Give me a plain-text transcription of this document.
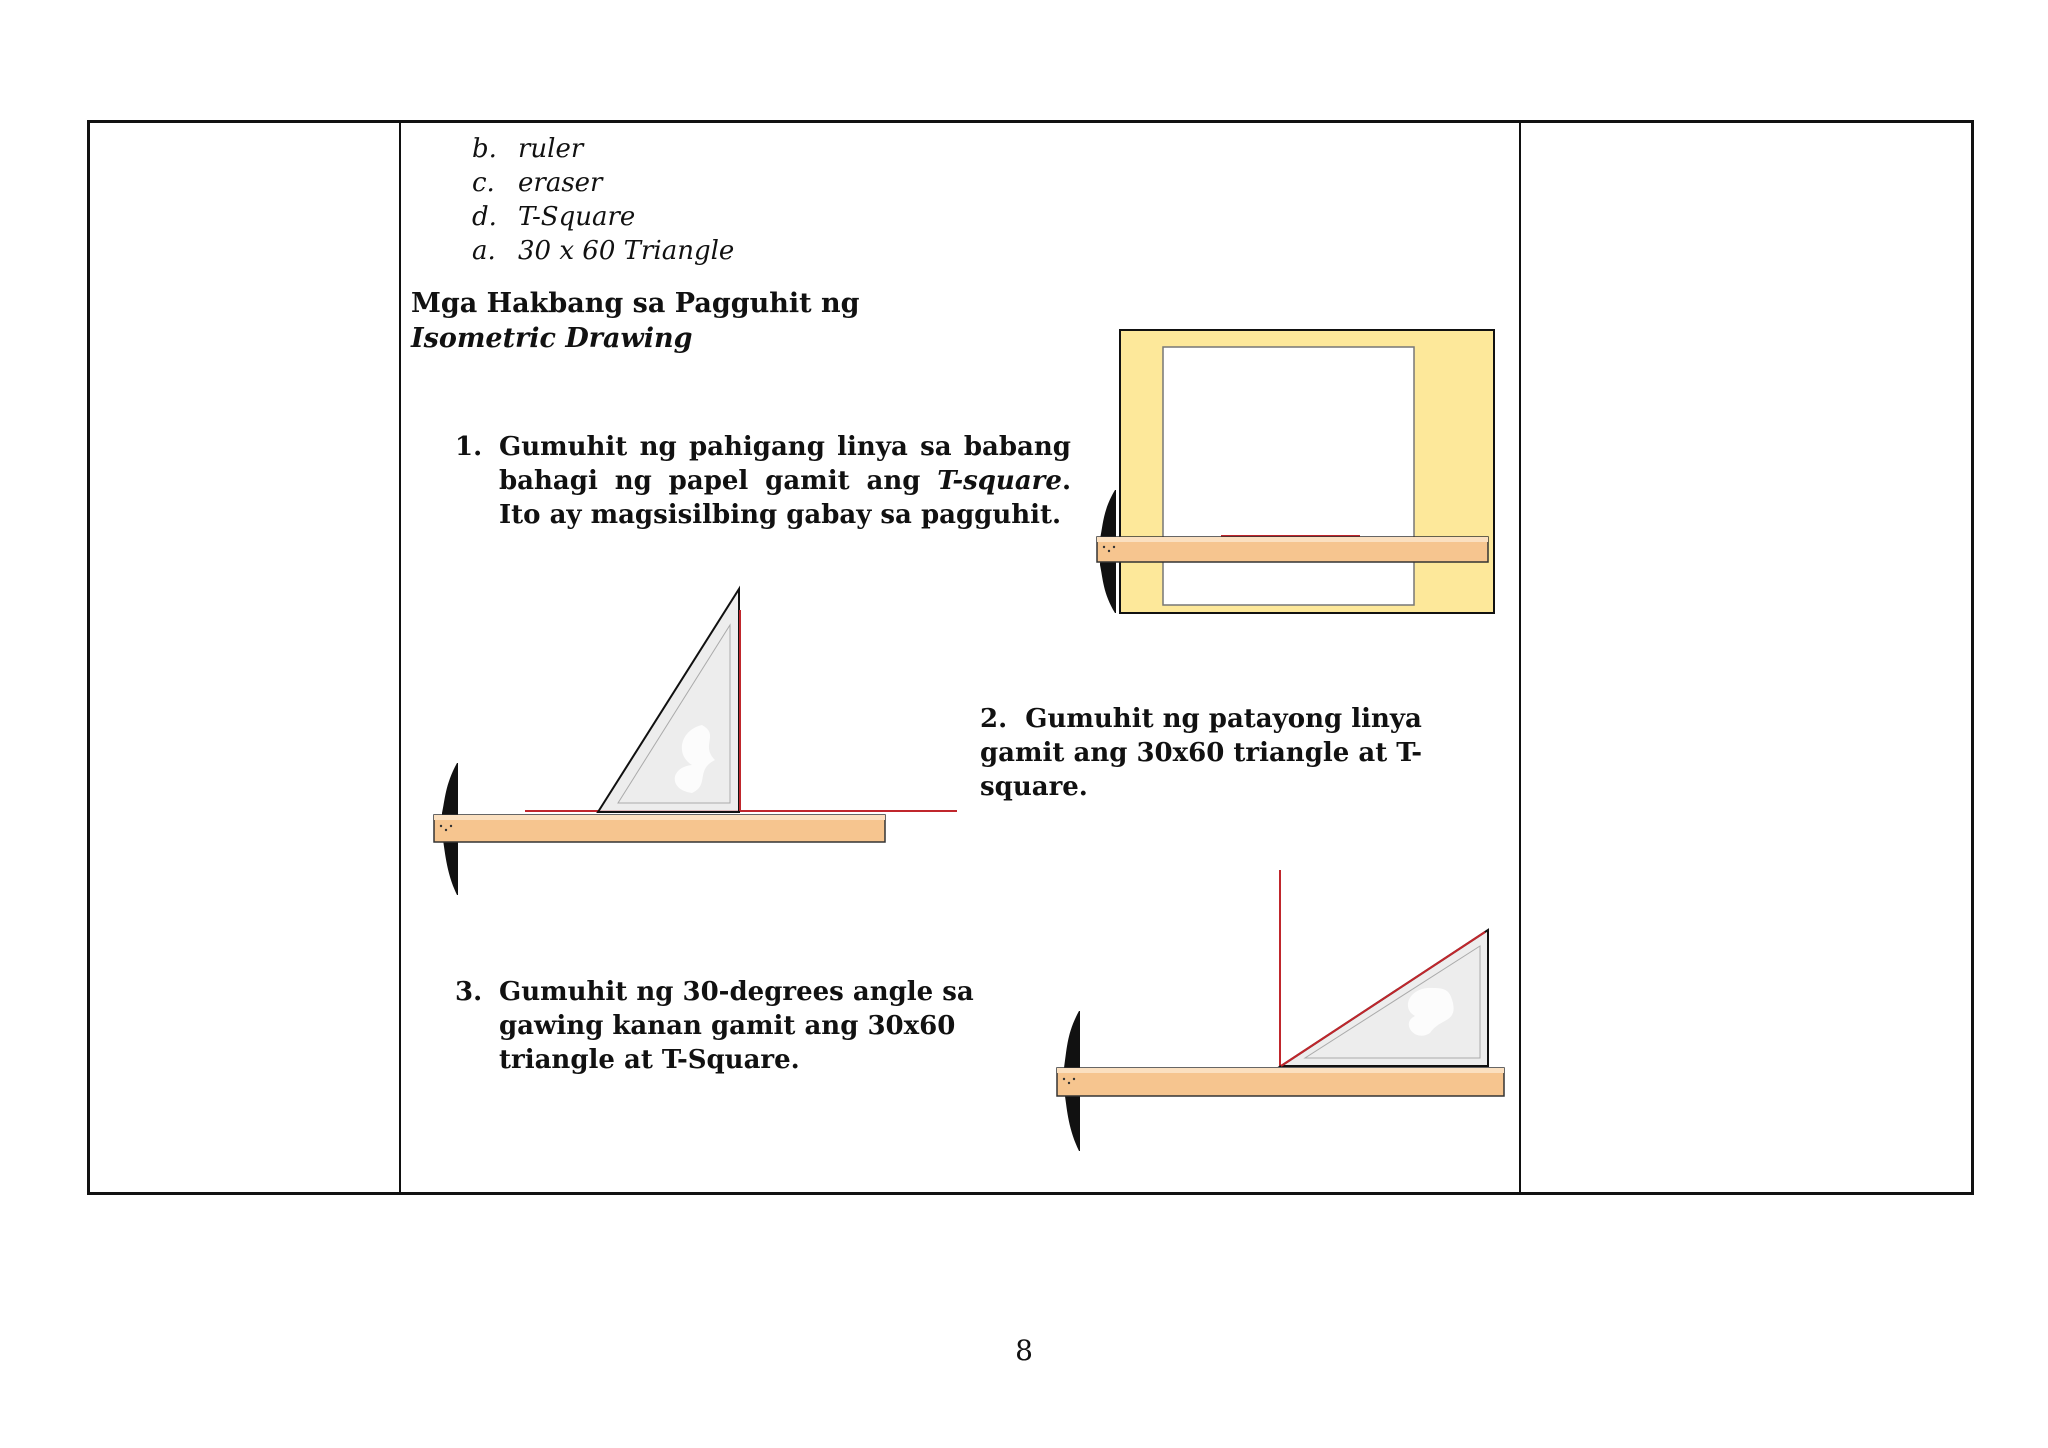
b. ruler
c. eraser
d. T-Square
a. 30 x 60 Triangle
Mga Hakbang sa Pagguhit ng Isometric Drawing
1. Gumuhit ng pahigang linya sa babang bahagi ng papel gamit ang T-square. Ito ay magsisilbing gabay sa pagguhit.
2. Gumuhit ng patayong linya gamit ang 30x60 triangle at T-square.
3. Gumuhit ng 30-degrees angle sa gawing kanan gamit ang 30x60 triangle at T-Square.
8
